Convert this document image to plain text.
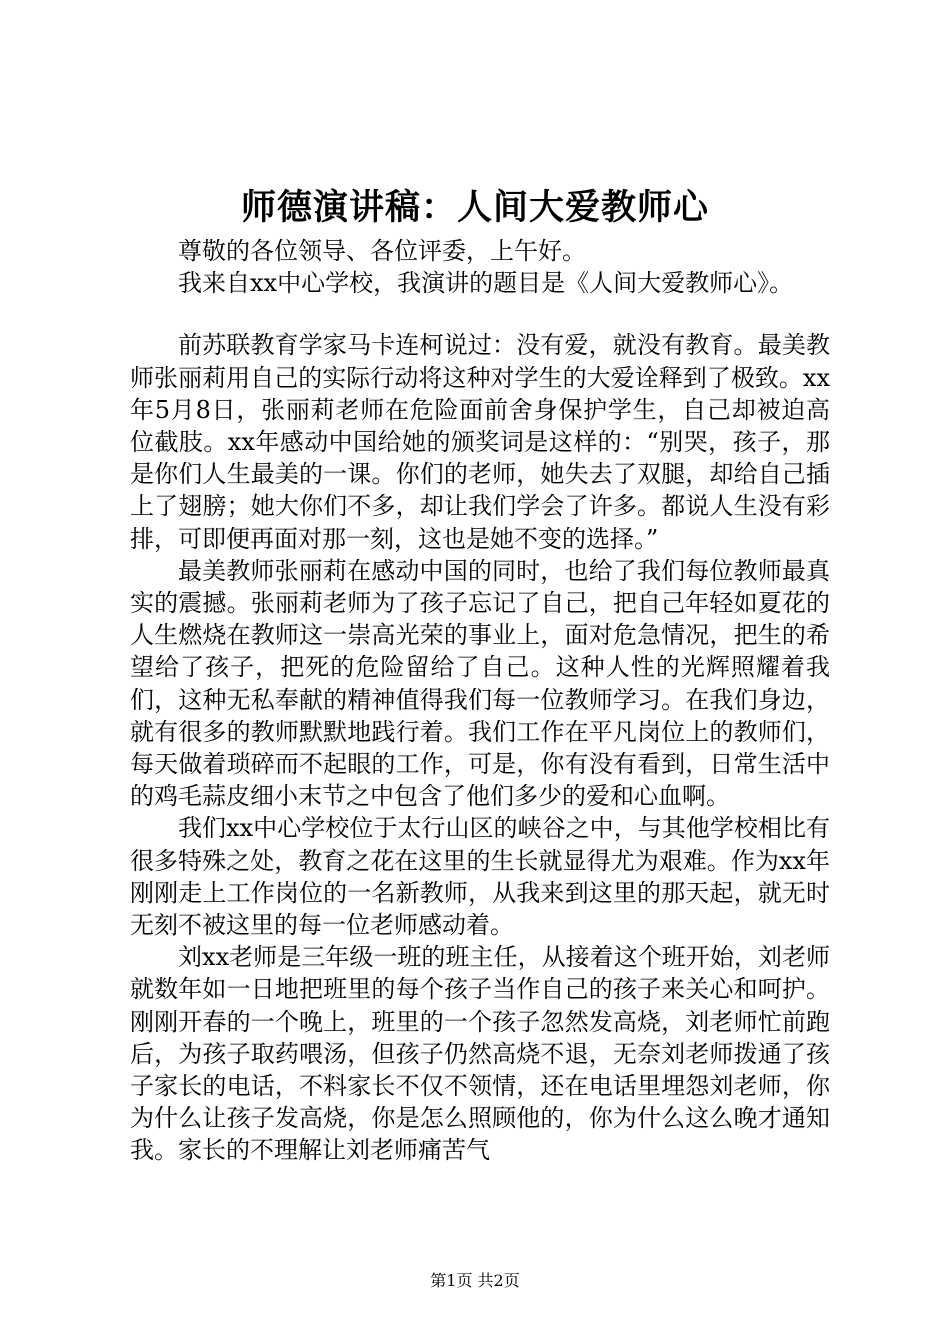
师德演讲稿：人间大爱教师心

尊敬的各位领导、各位评委，上午好。

我来自xx中心学校，我演讲的题目是《人间大爱教师心》。

前苏联教育学家马卡连柯说过：没有爱，就没有教育。最美教师张丽莉用自己的实际行动将这种对学生的大爱诠释到了极致。xx年5月8日，张丽莉老师在危险面前舍身保护学生，自己却被迫高位截肢。xx年感动中国给她的颁奖词是这样的：“别哭，孩子，那是你们人生最美的一课。你们的老师，她失去了双腿，却给自己插上了翅膀；她大你们不多，却让我们学会了许多。都说人生没有彩排，可即便再面对那一刻，这也是她不变的选择。”

最美教师张丽莉在感动中国的同时，也给了我们每位教师最真实的震撼。张丽莉老师为了孩子忘记了自己，把自己年轻如夏花的人生燃烧在教师这一崇高光荣的事业上，面对危急情况，把生的希望给了孩子，把死的危险留给了自己。这种人性的光辉照耀着我们，这种无私奉献的精神值得我们每一位教师学习。在我们身边，就有很多的教师默默地践行着。我们工作在平凡岗位上的教师们，每天做着琐碎而不起眼的工作，可是，你有没有看到，日常生活中的鸡毛蒜皮细小末节之中包含了他们多少的爱和心血啊。

我们xx中心学校位于太行山区的峡谷之中，与其他学校相比有很多特殊之处，教育之花在这里的生长就显得尤为艰难。作为xx年刚刚走上工作岗位的一名新教师，从我来到这里的那天起，就无时无刻不被这里的每一位老师感动着。

刘xx老师是三年级一班的班主任，从接着这个班开始，刘老师就数年如一日地把班里的每个孩子当作自己的孩子来关心和呵护。刚刚开春的一个晚上，班里的一个孩子忽然发高烧，刘老师忙前跑后，为孩子取药喂汤，但孩子仍然高烧不退，无奈刘老师拨通了孩子家长的电话，不料家长不仅不领情，还在电话里埋怨刘老师，你为什么让孩子发高烧，你是怎么照顾他的，你为什么这么晚才通知我。家长的不理解让刘老师痛苦气

第1页 共2页
